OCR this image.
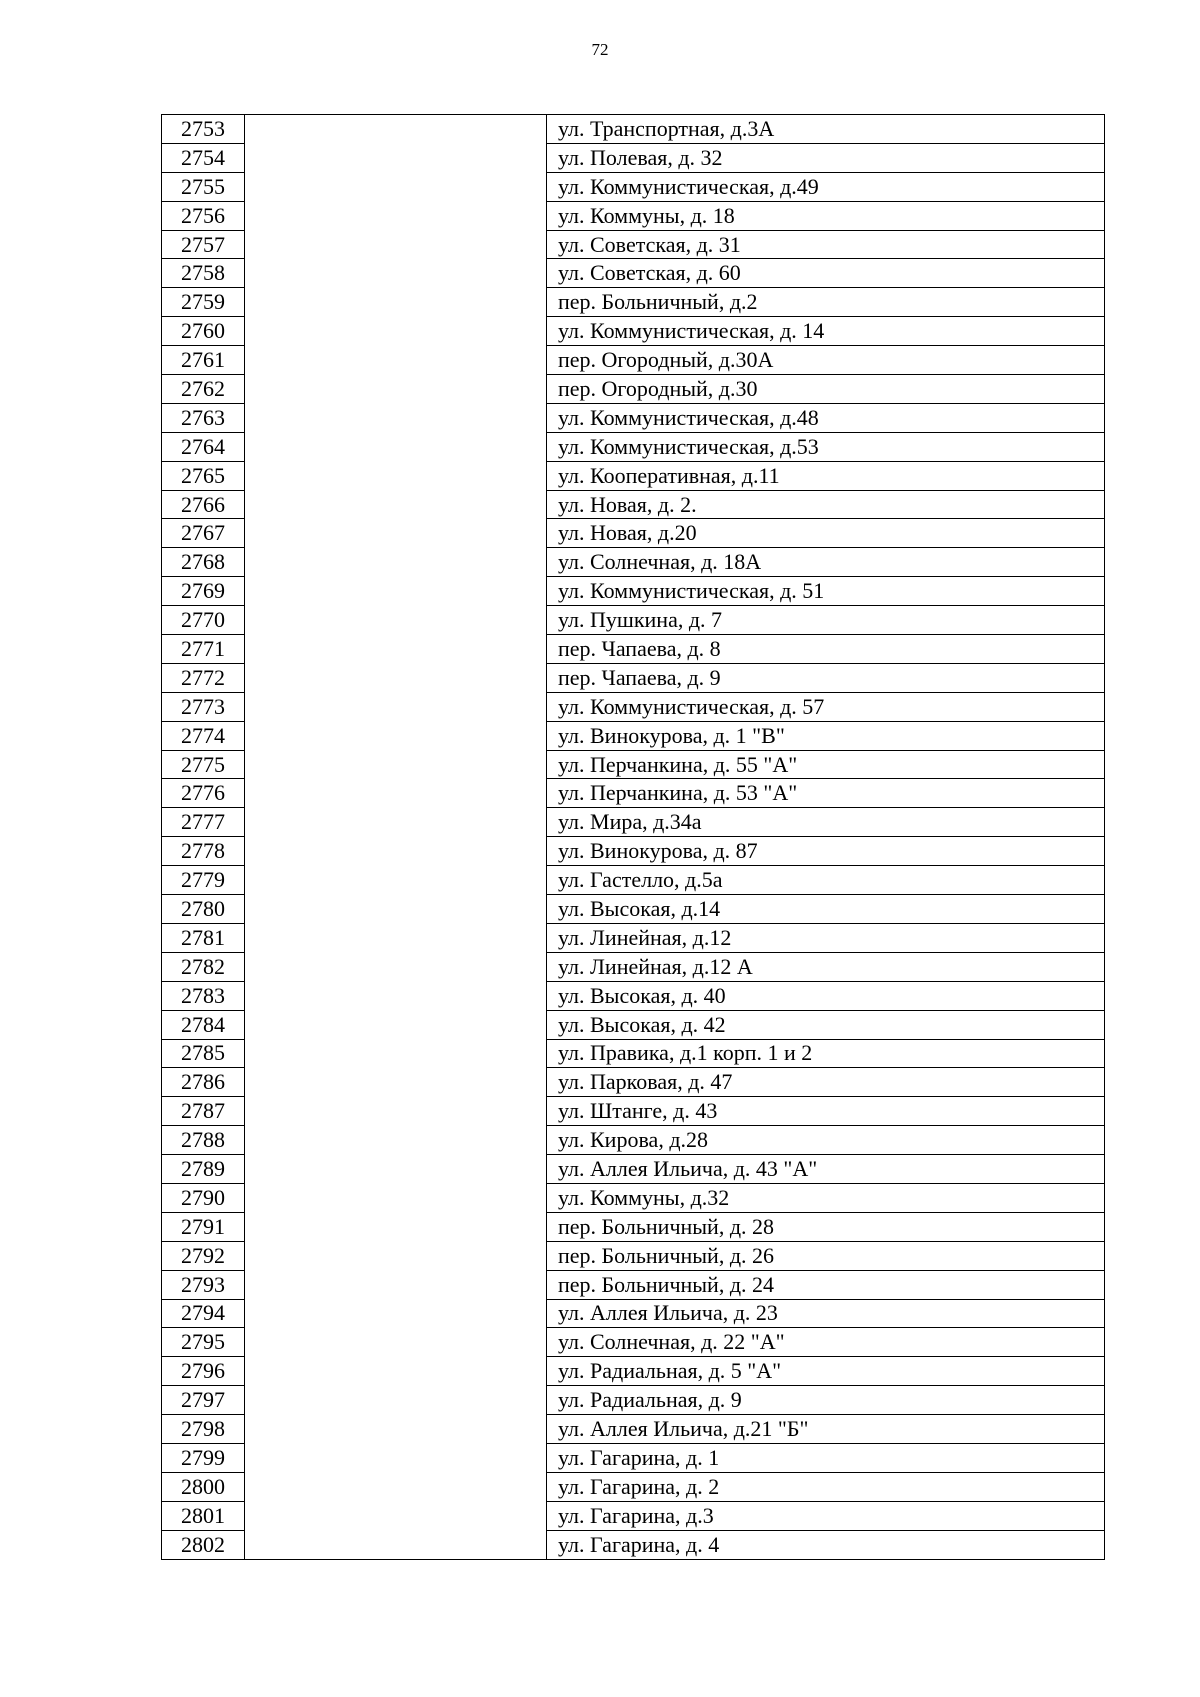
72
2753		ул. Транспортная, д.3А
2754		ул. Полевая, д. 32
2755		ул. Коммунистическая, д.49
2756		ул. Коммуны, д. 18
2757		ул. Советская, д. 31
2758		ул. Советская, д. 60
2759		пер. Больничный, д.2
2760		ул. Коммунистическая, д. 14
2761		пер. Огородный, д.30А
2762		пер. Огородный, д.30
2763		ул. Коммунистическая, д.48
2764		ул. Коммунистическая, д.53
2765		ул. Кооперативная, д.11
2766		ул. Новая, д. 2.
2767		ул. Новая, д.20
2768		ул. Солнечная, д. 18А
2769		ул. Коммунистическая, д. 51
2770		ул. Пушкина, д. 7
2771		пер. Чапаева, д. 8
2772		пер. Чапаева, д. 9
2773		ул. Коммунистическая, д. 57
2774		ул. Винокурова, д. 1 "В"
2775		ул. Перчанкина, д. 55 "А"
2776		ул. Перчанкина, д. 53 "А"
2777		ул. Мира, д.34а
2778		ул. Винокурова, д. 87
2779		ул. Гастелло, д.5а
2780		ул. Высокая, д.14
2781		ул. Линейная, д.12
2782		ул. Линейная, д.12 А
2783		ул. Высокая, д. 40
2784		ул. Высокая, д. 42
2785		ул. Правика, д.1 корп. 1 и 2
2786		ул. Парковая, д. 47
2787		ул. Штанге, д. 43
2788		ул. Кирова, д.28
2789		ул. Аллея Ильича, д. 43 "А"
2790		ул. Коммуны, д.32
2791		пер. Больничный, д. 28
2792		пер. Больничный, д. 26
2793		пер. Больничный, д. 24
2794		ул. Аллея Ильича, д. 23
2795		ул. Солнечная, д. 22 "А"
2796		ул. Радиальная, д. 5 "А"
2797		ул. Радиальная, д. 9
2798		ул. Аллея Ильича, д.21 "Б"
2799		ул. Гагарина, д. 1
2800		ул. Гагарина, д. 2
2801		ул. Гагарина, д.3
2802		ул. Гагарина, д. 4
